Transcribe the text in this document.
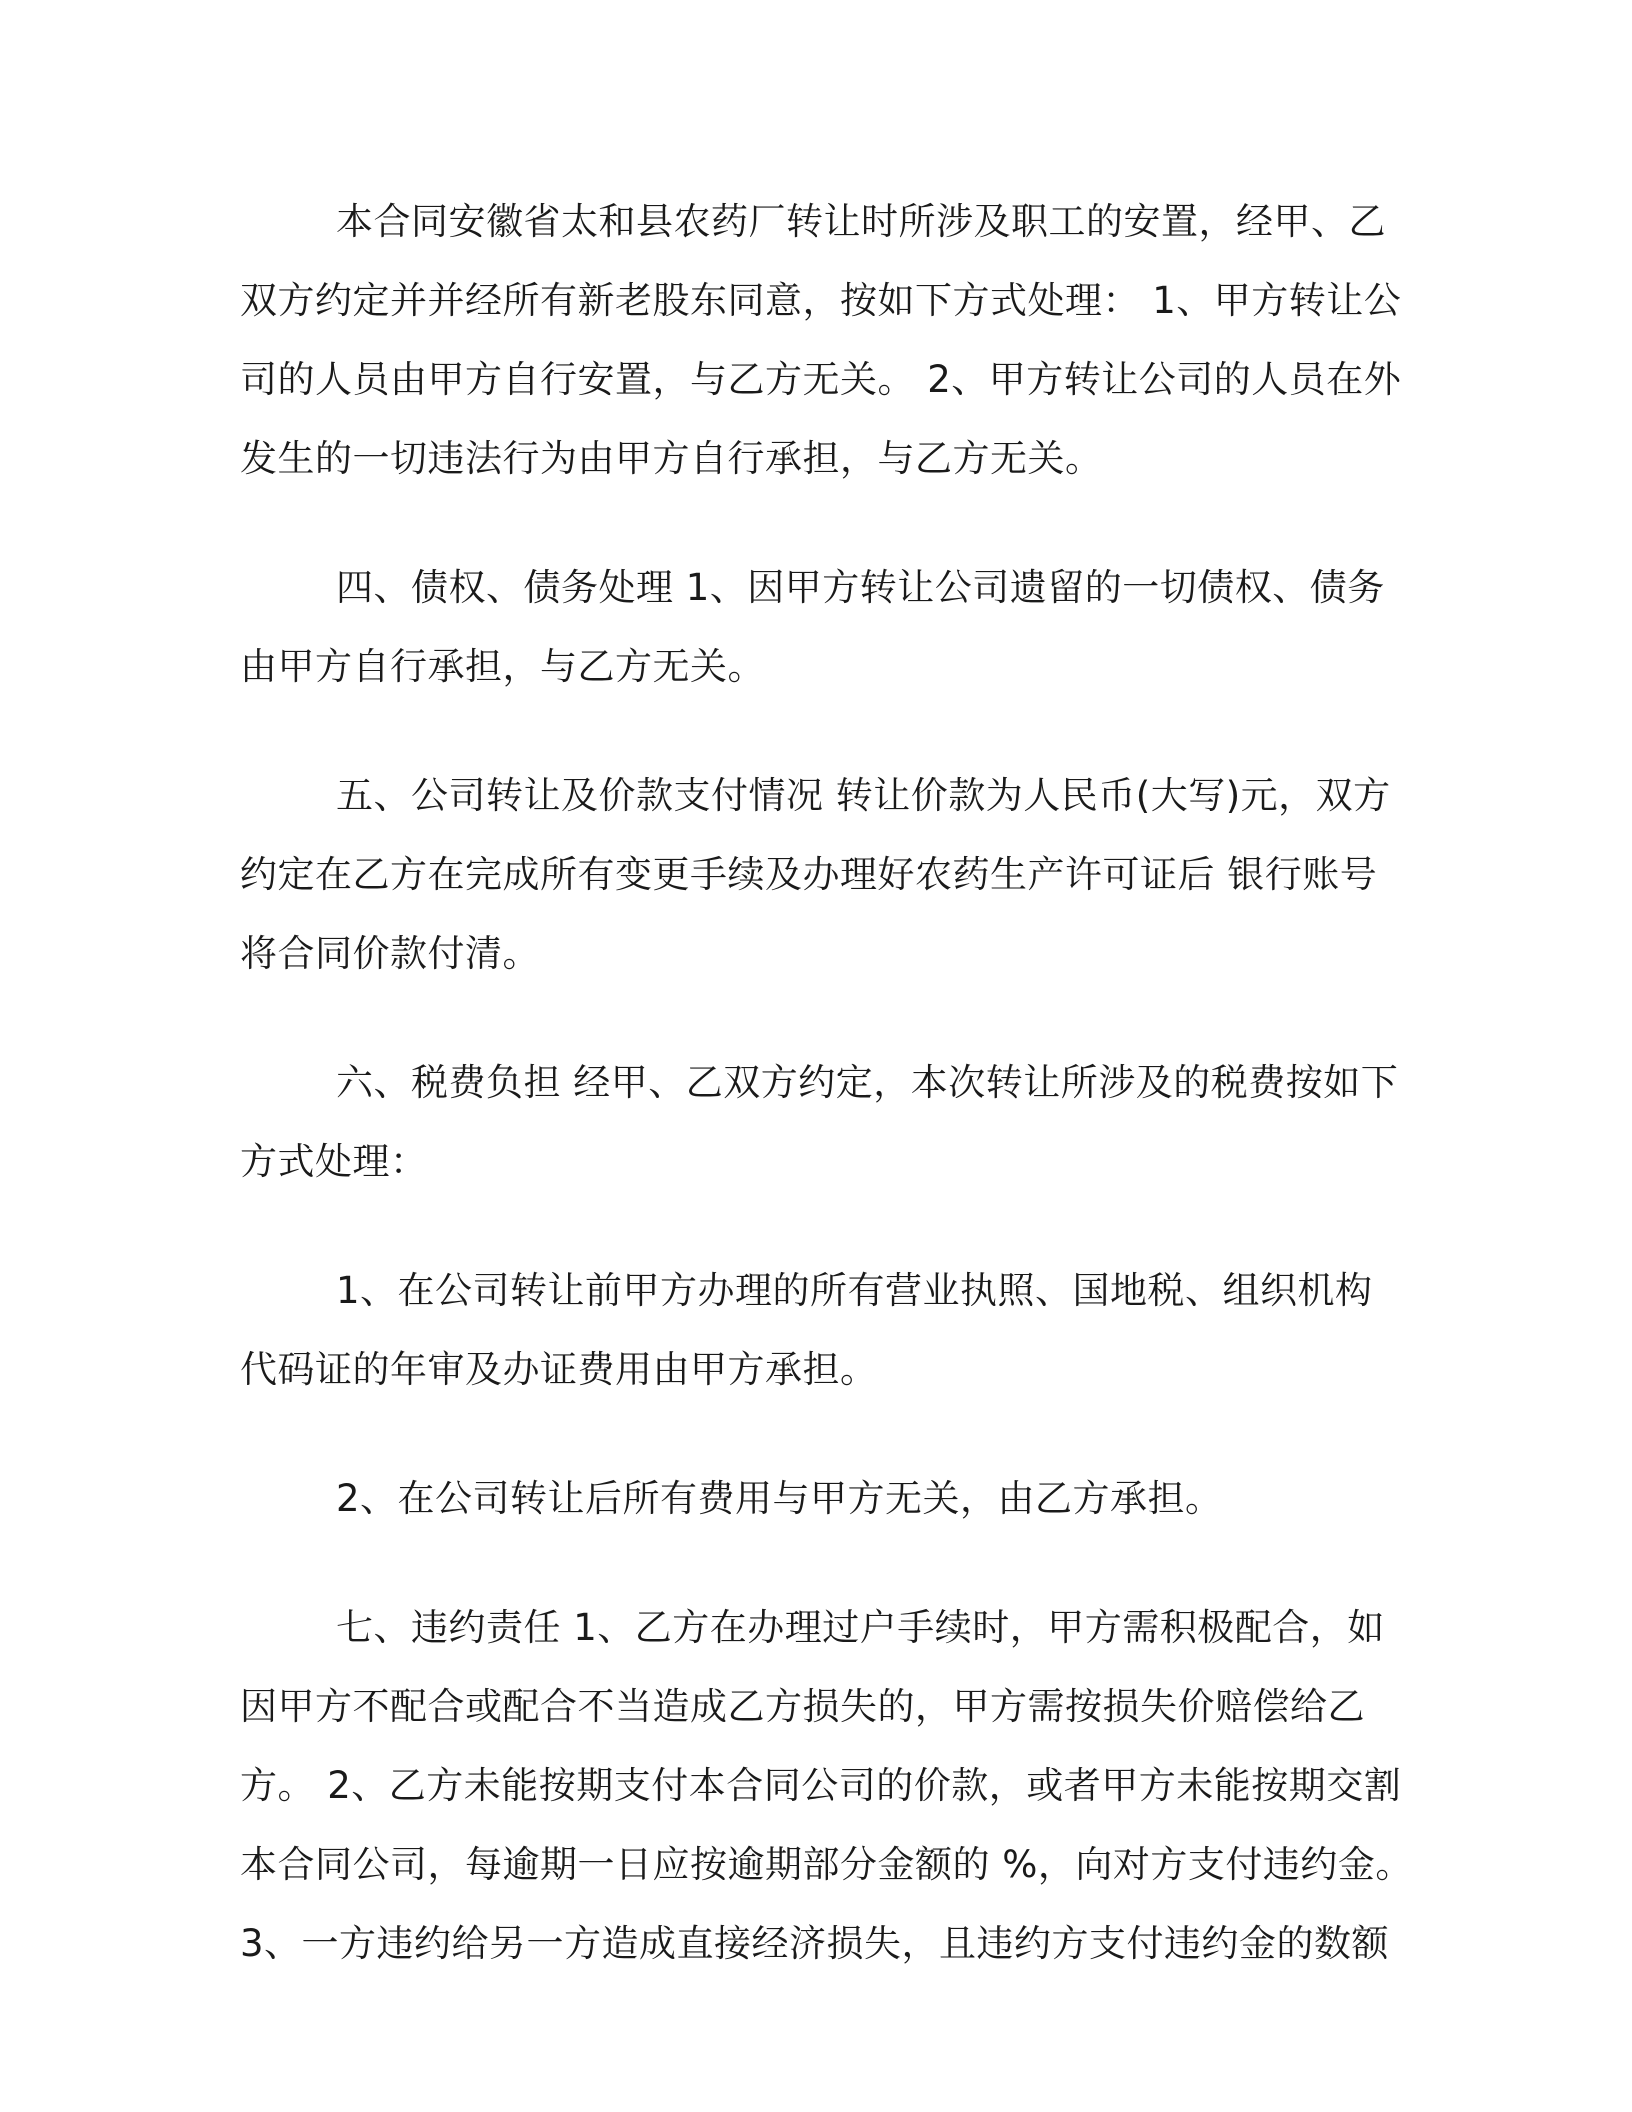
本合同安徽省太和县农药厂转让时所涉及职工的安置，经甲、乙
双方约定并并经所有新老股东同意，按如下方式处理： 1、甲方转让公
司的人员由甲方自行安置，与乙方无关。 2、甲方转让公司的人员在外
发生的一切违法行为由甲方自行承担，与乙方无关。
四、债权、债务处理 1、因甲方转让公司遗留的一切债权、债务
由甲方自行承担，与乙方无关。
五、公司转让及价款支付情况 转让价款为人民币(大写)元，双方
约定在乙方在完成所有变更手续及办理好农药生产许可证后 银行账号
将合同价款付清。
六、税费负担 经甲、乙双方约定，本次转让所涉及的税费按如下
方式处理：
1、在公司转让前甲方办理的所有营业执照、国地税、组织机构
代码证的年审及办证费用由甲方承担。
2、在公司转让后所有费用与甲方无关，由乙方承担。
七、违约责任 1、乙方在办理过户手续时，甲方需积极配合，如
因甲方不配合或配合不当造成乙方损失的，甲方需按损失价赔偿给乙
方。 2、乙方未能按期支付本合同公司的价款，或者甲方未能按期交割
本合同公司，每逾期一日应按逾期部分金额的 %，向对方支付违约金。
3、一方违约给另一方造成直接经济损失，且违约方支付违约金的数额
